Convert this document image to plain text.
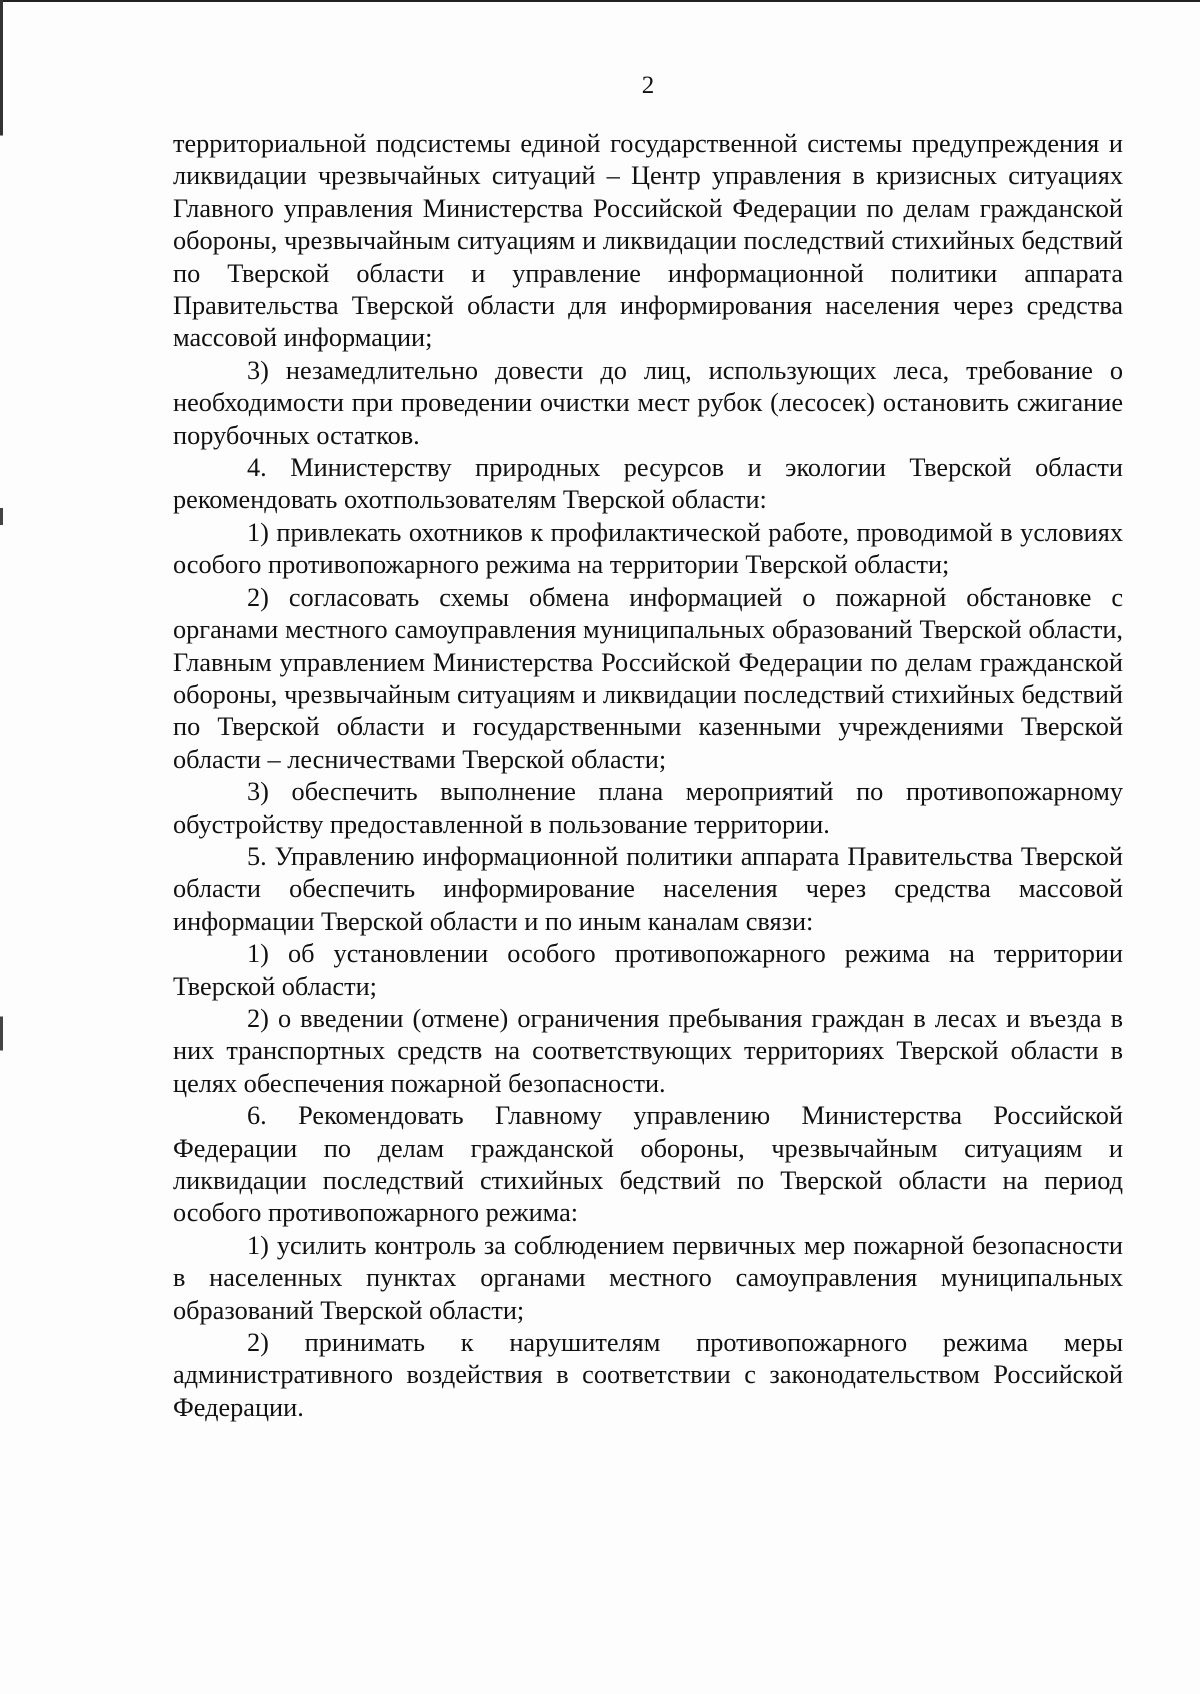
2

территориальной подсистемы единой государственной системы предупреждения и ликвидации чрезвычайных ситуаций – Центр управления в кризисных ситуациях Главного управления Министерства Российской Федерации по делам гражданской обороны, чрезвычайным ситуациям и ликвидации последствий стихийных бедствий по Тверской области и управление информационной политики аппарата Правительства Тверской области для информирования населения через средства массовой информации;

3) незамедлительно довести до лиц, использующих леса, требование о необходимости при проведении очистки мест рубок (лесосек) остановить сжигание порубочных остатков.

4. Министерству природных ресурсов и экологии Тверской области рекомендовать охотпользователям Тверской области:

1) привлекать охотников к профилактической работе, проводимой в условиях особого противопожарного режима на территории Тверской области;

2) согласовать схемы обмена информацией о пожарной обстановке с органами местного самоуправления муниципальных образований Тверской области, Главным управлением Министерства Российской Федерации по делам гражданской обороны, чрезвычайным ситуациям и ликвидации последствий стихийных бедствий по Тверской области и государственными казенными учреждениями Тверской области – лесничествами Тверской области;

3) обеспечить выполнение плана мероприятий по противопожарному обустройству предоставленной в пользование территории.

5. Управлению информационной политики аппарата Правительства Тверской области обеспечить информирование населения через средства массовой информации Тверской области и по иным каналам связи:

1) об установлении особого противопожарного режима на территории Тверской области;

2) о введении (отмене) ограничения пребывания граждан в лесах и въезда в них транспортных средств на соответствующих территориях Тверской области в целях обеспечения пожарной безопасности.

6. Рекомендовать Главному управлению Министерства Российской Федерации по делам гражданской обороны, чрезвычайным ситуациям и ликвидации последствий стихийных бедствий по Тверской области на период особого противопожарного режима:

1) усилить контроль за соблюдением первичных мер пожарной безопасности в населенных пунктах органами местного самоуправления муниципальных образований Тверской области;

2) принимать к нарушителям противопожарного режима меры административного воздействия в соответствии с законодательством Российской Федерации.
